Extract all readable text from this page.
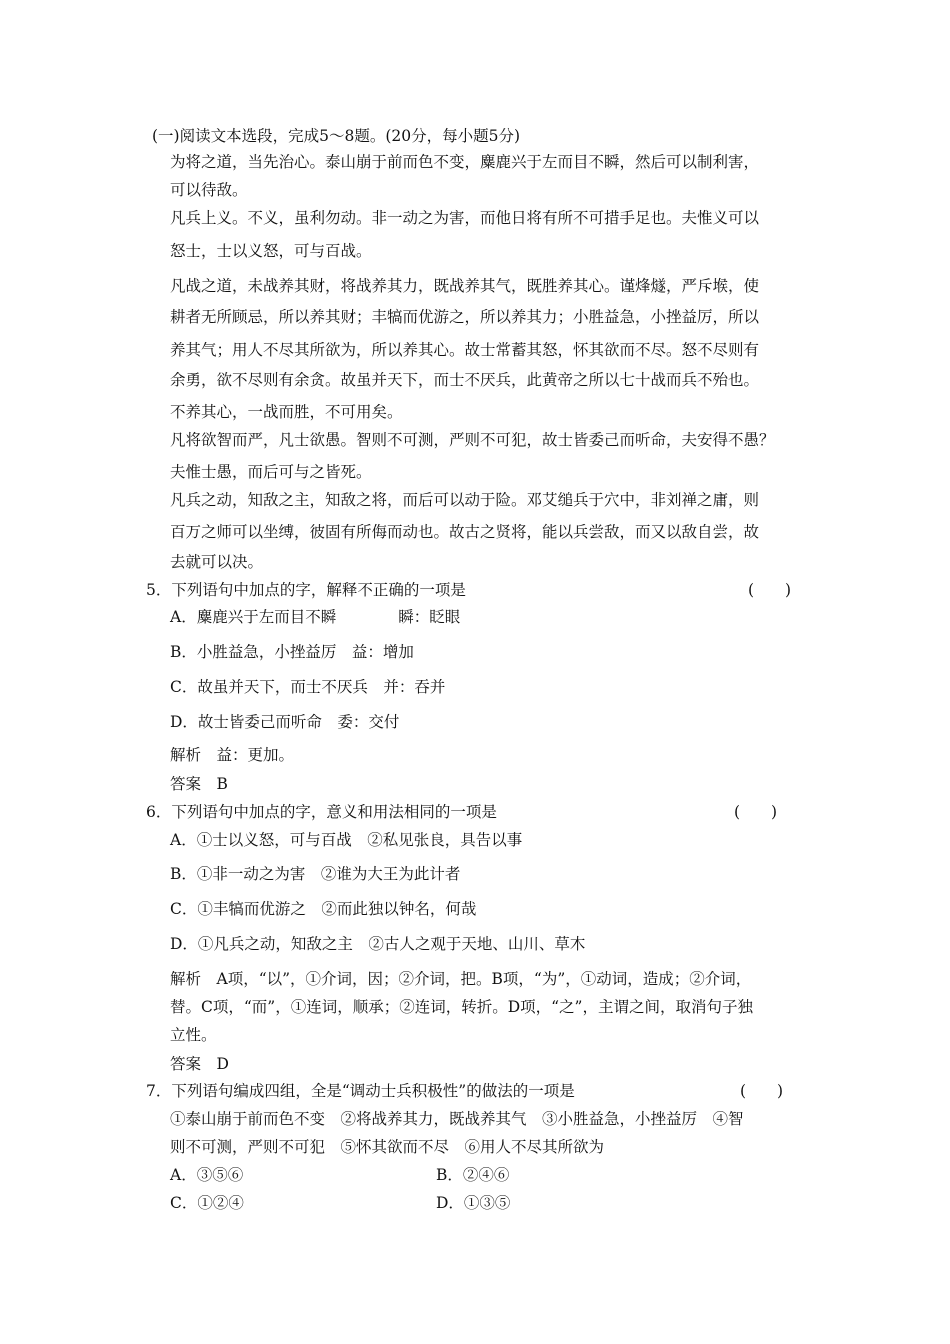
(一)阅读文本选段，完成5～8题。(20分，每小题5分)
为将之道，当先治心。泰山崩于前而色不变，麋鹿兴于左而目不瞬，然后可以制利害，
可以待敌。
凡兵上义。不义，虽利勿动。非一动之为害，而他日将有所不可措手足也。夫惟义可以
怒士，士以义怒，可与百战。
凡战之道，未战养其财，将战养其力，既战养其气，既胜养其心。谨烽燧，严斥堠，使
耕者无所顾忌，所以养其财；丰犒而优游之，所以养其力；小胜益急，小挫益厉，所以
养其气；用人不尽其所欲为，所以养其心。故士常蓄其怒，怀其欲而不尽。怒不尽则有
余勇，欲不尽则有余贪。故虽并天下，而士不厌兵，此黄帝之所以七十战而兵不殆也。
不养其心，一战而胜，不可用矣。
凡将欲智而严，凡士欲愚。智则不可测，严则不可犯，故士皆委己而听命，夫安得不愚？
夫惟士愚，而后可与之皆死。
凡兵之动，知敌之主，知敌之将，而后可以动于险。邓艾缒兵于穴中，非刘禅之庸，则
百万之师可以坐缚，彼固有所侮而动也。故古之贤将，能以兵尝敌，而又以敌自尝，故
去就可以决。
5．下列语句中加点的字，解释不正确的一项是	(　　)
A．麋鹿兴于左而目不瞬　　　　瞬：眨眼
B．小胜益急，小挫益厉　益：增加
C．故虽并天下，而士不厌兵　并：吞并
D．故士皆委己而听命　委：交付
解析　益：更加。
答案　B
6．下列语句中加点的字，意义和用法相同的一项是	(　　)
A．①士以义怒，可与百战　②私见张良，具告以事
B．①非一动之为害　②谁为大王为此计者
C．①丰犒而优游之　②而此独以钟名，何哉
D．①凡兵之动，知敌之主　②古人之观于天地、山川、草木
解析　A项，“以”，①介词，因；②介词，把。B项，“为”，①动词，造成；②介词，
替。C项，“而”，①连词，顺承；②连词，转折。D项，“之”，主谓之间，取消句子独
立性。
答案　D
7．下列语句编成四组，全是“调动士兵积极性”的做法的一项是	(　　)
①泰山崩于前而色不变　②将战养其力，既战养其气　③小胜益急，小挫益厉　④智
则不可测，严则不可犯　⑤怀其欲而不尽　⑥用人不尽其所欲为
A．③⑤⑥	B．②④⑥
C．①②④	D．①③⑤
